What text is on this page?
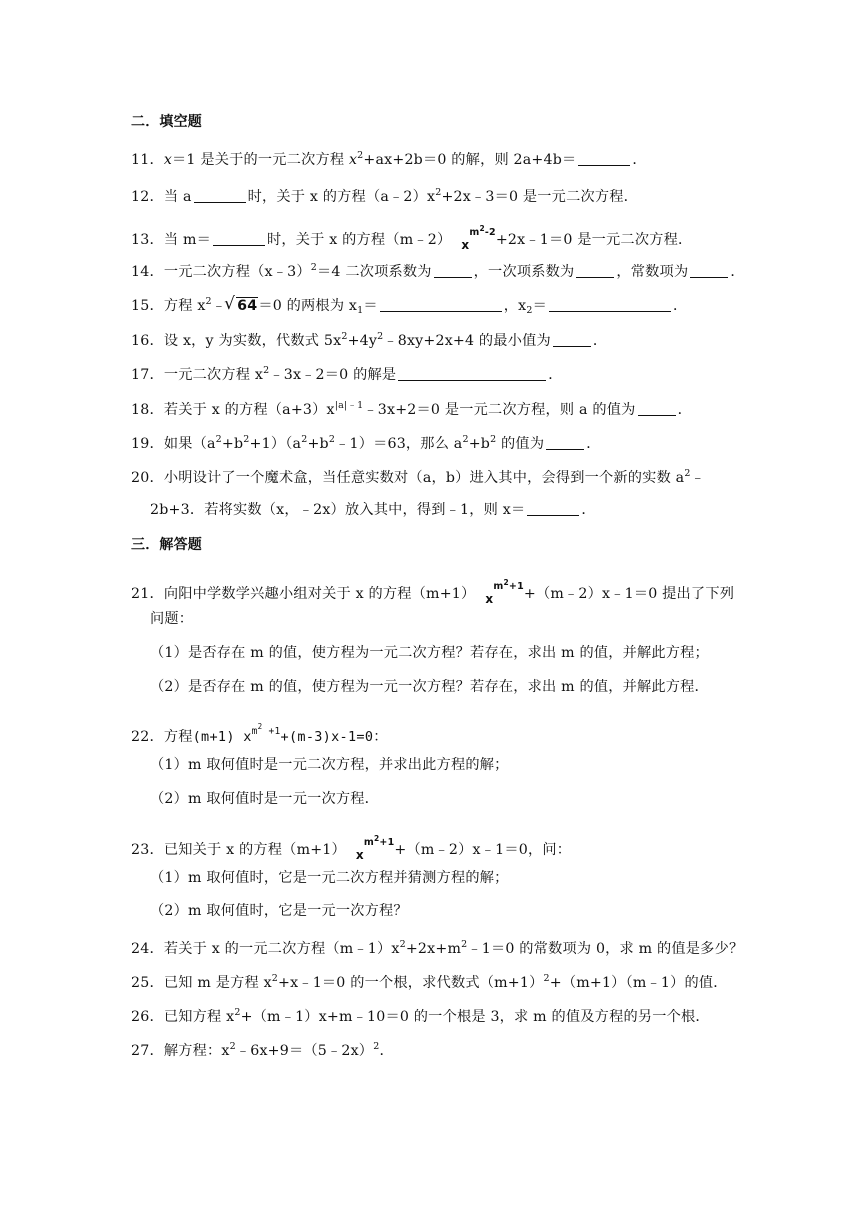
二．填空题
11．x＝1 是关于的一元二次方程 $x^2+ax+2b=0$ 的解，则 2a+4b＝	．
12．当 a	时，关于 x 的方程$(a﹣2)x^2+2x﹣3=0$ 是一元二次方程．
13．当 m＝	时，关于 x 的方程（m﹣2） $_x^{m2-2}$+2x﹣1＝0 是一元二次方程．
14．一元二次方程（x﹣3）$^2$＝4 二次项系数为	，一次项系数为	，常数项为	．
15．方程 $x^2﹣√$ 64＝0 的两根为 $x_1=$	，$x_2=$	．
16．设 x，y 为实数，代数式 $5x^2+4y^2﹣8xy+2x+4$ 的最小值为	．
17．一元二次方程 $x^2﹣3x﹣2=0$ 的解是	．
18．若关于 x 的方程$(a+3)x^{|a|﹣1}﹣3x+2=0$ 是一元二次方程，则 a 的值为	．
19．如果$(a^2+b^2+1)(a^2+b^2﹣1)=63$，那么 $a^2+b^2$ 的值为	．
20．小明设计了一个魔术盒，当任意实数对（a，b）进入其中，会得到一个新的实数 $a^2﹣$
2b+3．若将实数（x，﹣2x）放入其中，得到﹣1，则 x＝	．
三．解答题
21．向阳中学数学兴趣小组对关于 x 的方程（m+1） $_x^{m2+1}$+（m﹣2）x﹣1＝0 提出了下列
问题：
（1）是否存在 m 的值，使方程为一元二次方程？若存在，求出 m 的值，并解此方程；
（2）是否存在 m 的值，使方程为一元一次方程？若存在，求出 m 的值，并解此方程．
22．方程(m+1) $x^{m2}$ $^{+1}$+(m-3)x-1=0：
（1）m 取何值时是一元二次方程，并求出此方程的解；
（2）m 取何值时是一元一次方程．
23．已知关于 x 的方程（m+1） $_x^{m2+1}$+（m﹣2）x﹣1＝0，问：
（1）m 取何值时，它是一元二次方程并猜测方程的解；
（2）m 取何值时，它是一元一次方程？
24．若关于 x 的一元二次方程$(m﹣1)x^2+2x+m^2﹣1=0$ 的常数项为 0，求 m 的值是多少？
25．已知 m 是方程 $x^2+x﹣1=0$ 的一个根，求代数式$(m+1)^2+(m+1)(m﹣1)$的值．
26．已知方程 $x^2+(m﹣1)x+m﹣10=0$ 的一个根是 3，求 m 的值及方程的另一个根．
27．解方程：$x^2﹣6x+9=(5﹣2x)^2$．
